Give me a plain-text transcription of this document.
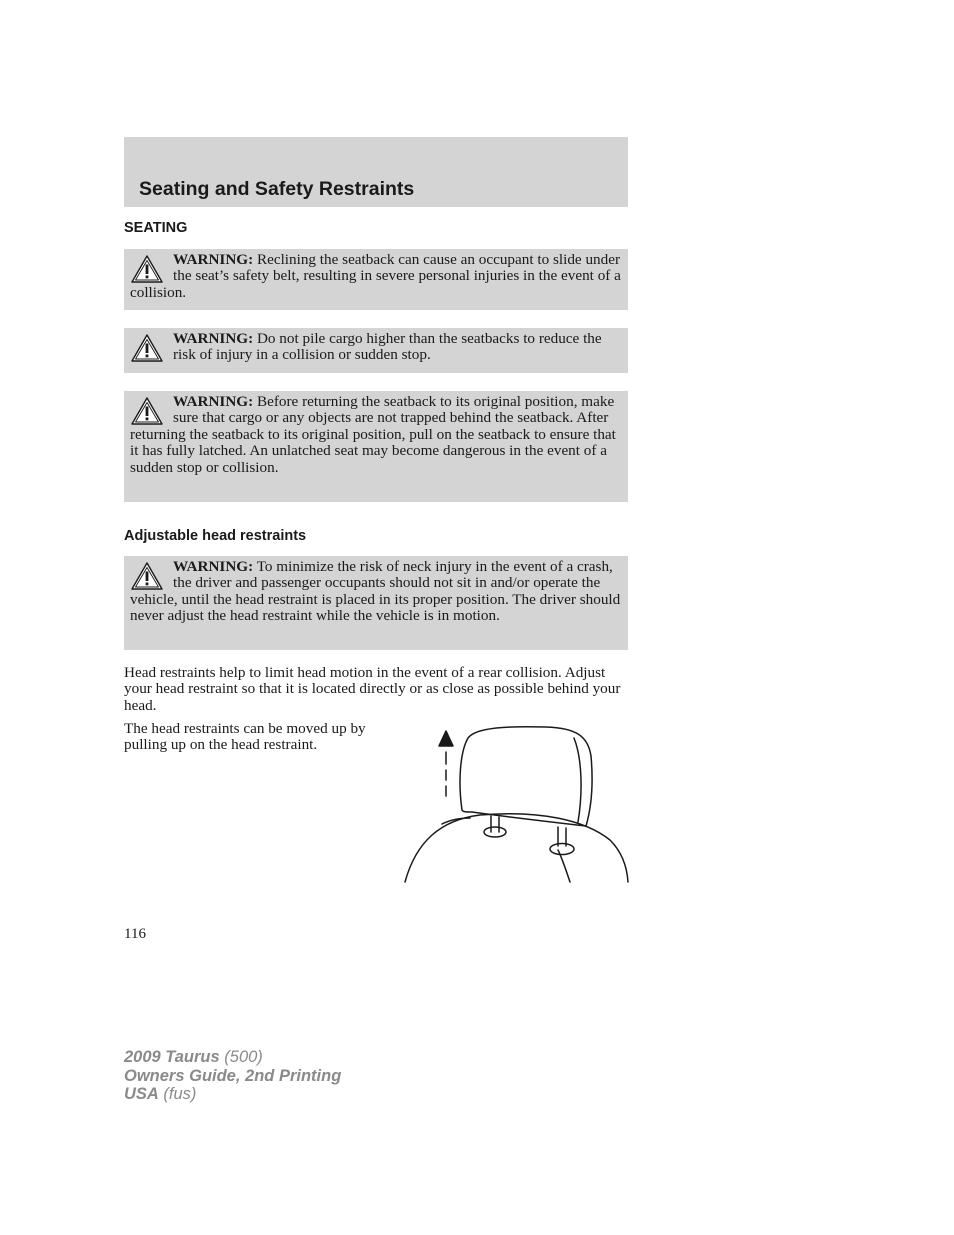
Seating and Safety Restraints
SEATING
WARNING: Reclining the seatback can cause an occupant to slide under the seat’s safety belt, resulting in severe personal injuries in the event of a collision.
WARNING: Do not pile cargo higher than the seatbacks to reduce the risk of injury in a collision or sudden stop.
WARNING: Before returning the seatback to its original position, make sure that cargo or any objects are not trapped behind the seatback. After returning the seatback to its original position, pull on the seatback to ensure that it has fully latched. An unlatched seat may become dangerous in the event of a sudden stop or collision.
Adjustable head restraints
WARNING: To minimize the risk of neck injury in the event of a crash, the driver and passenger occupants should not sit in and/or operate the vehicle, until the head restraint is placed in its proper position. The driver should never adjust the head restraint while the vehicle is in motion.

Head restraints help to limit head motion in the event of a rear collision. Adjust your head restraint so that it is located directly or as close as possible behind your head.

The head restraints can be moved up by pulling up on the head restraint.

116

2009 Taurus (500)
Owners Guide, 2nd Printing
USA (fus)
